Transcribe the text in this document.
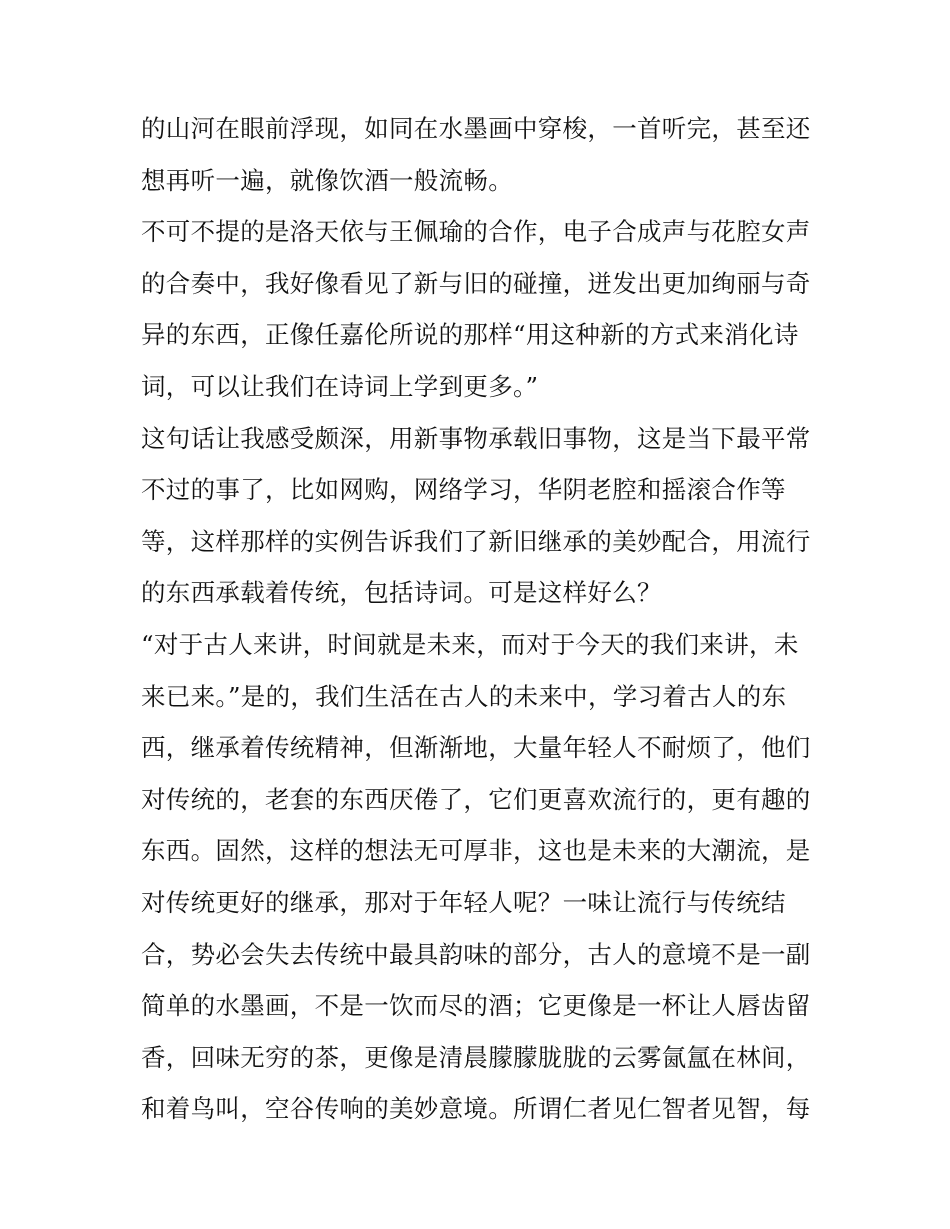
的山河在眼前浮现，如同在水墨画中穿梭，一首听完，甚至还
想再听一遍，就像饮酒一般流畅。
不可不提的是洛天依与王佩瑜的合作，电子合成声与花腔女声
的合奏中，我好像看见了新与旧的碰撞，迸发出更加绚丽与奇
异的东西，正像任嘉伦所说的那样“用这种新的方式来消化诗
词，可以让我们在诗词上学到更多。”
这句话让我感受颇深，用新事物承载旧事物，这是当下最平常
不过的事了，比如网购，网络学习，华阴老腔和摇滚合作等
等，这样那样的实例告诉我们了新旧继承的美妙配合，用流行
的东西承载着传统，包括诗词。可是这样好么？
“对于古人来讲，时间就是未来，而对于今天的我们来讲，未
来已来。”是的，我们生活在古人的未来中，学习着古人的东
西，继承着传统精神，但渐渐地，大量年轻人不耐烦了，他们
对传统的，老套的东西厌倦了，它们更喜欢流行的，更有趣的
东西。固然，这样的想法无可厚非，这也是未来的大潮流，是
对传统更好的继承，那对于年轻人呢？一味让流行与传统结
合，势必会失去传统中最具韵味的部分，古人的意境不是一副
简单的水墨画，不是一饮而尽的酒；它更像是一杯让人唇齿留
香，回味无穷的茶，更像是清晨朦朦胧胧的云雾氤氲在林间，
和着鸟叫，空谷传响的美妙意境。所谓仁者见仁智者见智，每
